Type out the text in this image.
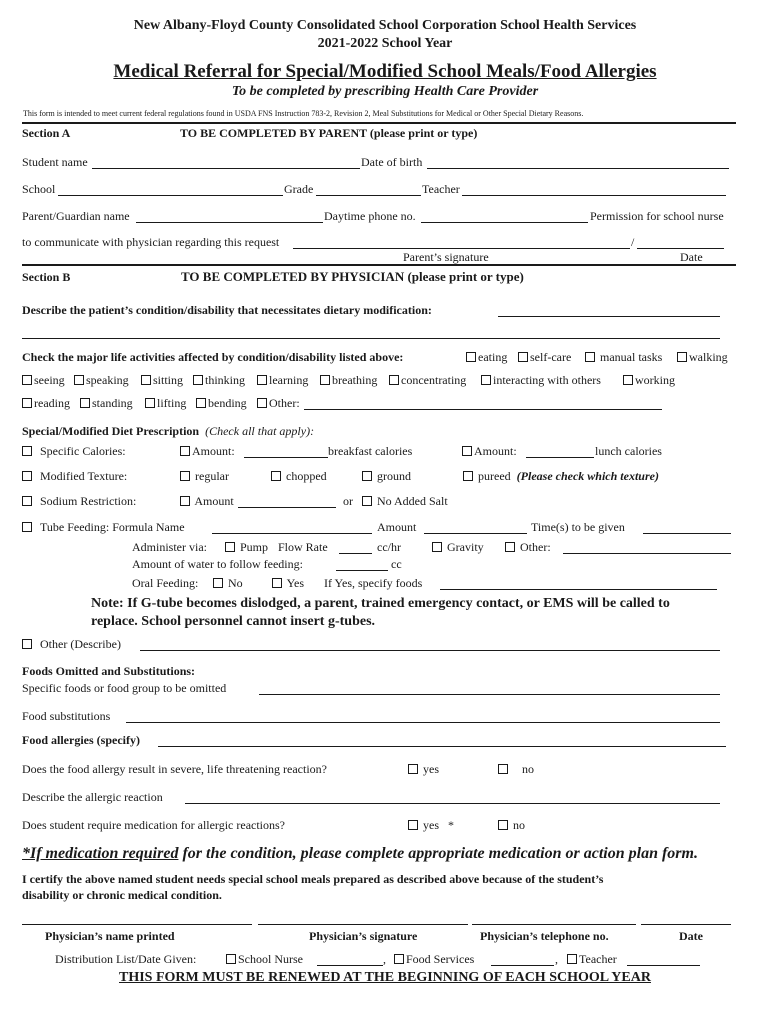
New Albany-Floyd County Consolidated School Corporation School Health Services
2021-2022 School Year
Medical Referral for Special/Modified School Meals/Food Allergies
To be completed by prescribing Health Care Provider
This form is intended to meet current federal regulations found in USDA FNS Instruction 783-2, Revision 2, Meal Substitutions for Medical or Other Special Dietary Reasons.
Section A	TO BE COMPLETED BY PARENT (please print or type)
Student name	Date of birth
School	Grade	Teacher
Parent/Guardian name	Daytime phone no.	Permission for school nurse
to communicate with physician regarding this request	/
Parent’s signature	Date
Section B	TO BE COMPLETED BY PHYSICIAN (please print or type)
Describe the patient’s condition/disability that necessitates dietary modification:
Check the major life activities affected by condition/disability listed above:	eating	self-care	manual tasks	walking
seeing	speaking	sitting	thinking	learning	breathing	concentrating	interacting with others	working
reading	standing	lifting	bending	Other:
Special/Modified Diet Prescription (Check all that apply):
Specific Calories:	Amount:	breakfast calories	Amount:	lunch calories
Modified Texture:	regular	chopped	ground	pureed (Please check which texture)
Sodium Restriction:	Amount	or	No Added Salt
Tube Feeding: Formula Name	Amount	Time(s) to be given
Administer via:	Pump Flow Rate	cc/hr	Gravity	Other:
Amount of water to follow feeding:	cc
Oral Feeding:	No	Yes If Yes, specify foods
Note: If G-tube becomes dislodged, a parent, trained emergency contact, or EMS will be called to
replace. School personnel cannot insert g-tubes.
Other (Describe)
Foods Omitted and Substitutions:
Specific foods or food group to be omitted
Food substitutions
Food allergies (specify)
Does the food allergy result in severe, life threatening reaction?	yes	no
Describe the allergic reaction
Does student require medication for allergic reactions?	yes *	no
*If medication required for the condition, please complete appropriate medication or action plan form.
I certify the above named student needs special school meals prepared as described above because of the student’s
disability or chronic medical condition.
Physician’s name printed	Physician’s signature	Physician’s telephone no.	Date
Distribution List/Date Given:	School Nurse	,	Food Services	,	Teacher
THIS FORM MUST BE RENEWED AT THE BEGINNING OF EACH SCHOOL YEAR
